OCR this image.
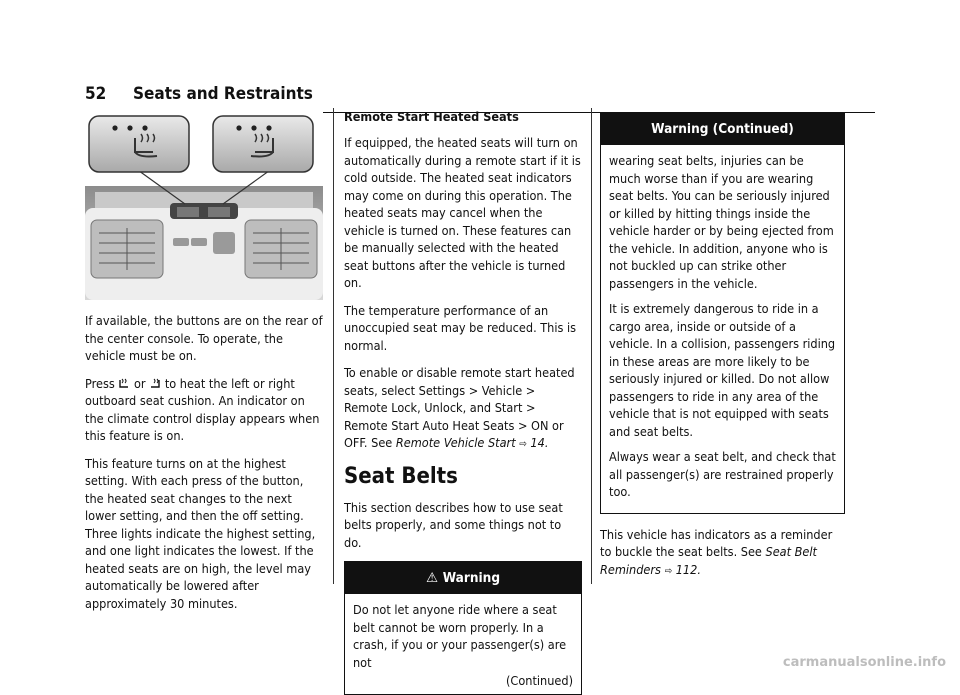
52 Seats and Restraints

If available, the buttons are on the rear of the center console. To operate, the vehicle must be on.

Press or to heat the left or right outboard seat cushion. An indicator on the climate control display appears when this feature is on.

This feature turns on at the highest setting. With each press of the button, the heated seat changes to the next lower setting, and then the off setting. Three lights indicate the highest setting, and one light indicates the lowest. If the heated seats are on high, the level may automatically be lowered after approximately 30 minutes.

Remote Start Heated Seats

If equipped, the heated seats will turn on automatically during a remote start if it is cold outside. The heated seat indicators may come on during this operation. The heated seats may cancel when the vehicle is turned on. These features can be manually selected with the heated seat buttons after the vehicle is turned on.

The temperature performance of an unoccupied seat may be reduced. This is normal.

To enable or disable remote start heated seats, select Settings > Vehicle > Remote Lock, Unlock, and Start > Remote Start Auto Heat Seats > ON or OFF. See Remote Vehicle Start ⇨ 14.

Seat Belts

This section describes how to use seat belts properly, and some things not to do.

⚠ Warning

Do not let anyone ride where a seat belt cannot be worn properly. In a crash, if you or your passenger(s) are not

(Continued)
Warning (Continued)

wearing seat belts, injuries can be much worse than if you are wearing seat belts. You can be seriously injured or killed by hitting things inside the vehicle harder or by being ejected from the vehicle. In addition, anyone who is not buckled up can strike other passengers in the vehicle.

It is extremely dangerous to ride in a cargo area, inside or outside of a vehicle. In a collision, passengers riding in these areas are more likely to be seriously injured or killed. Do not allow passengers to ride in any area of the vehicle that is not equipped with seats and seat belts.

Always wear a seat belt, and check that all passenger(s) are restrained properly too.

This vehicle has indicators as a reminder to buckle the seat belts. See Seat Belt Reminders ⇨ 112.

carmanualsonline.info
